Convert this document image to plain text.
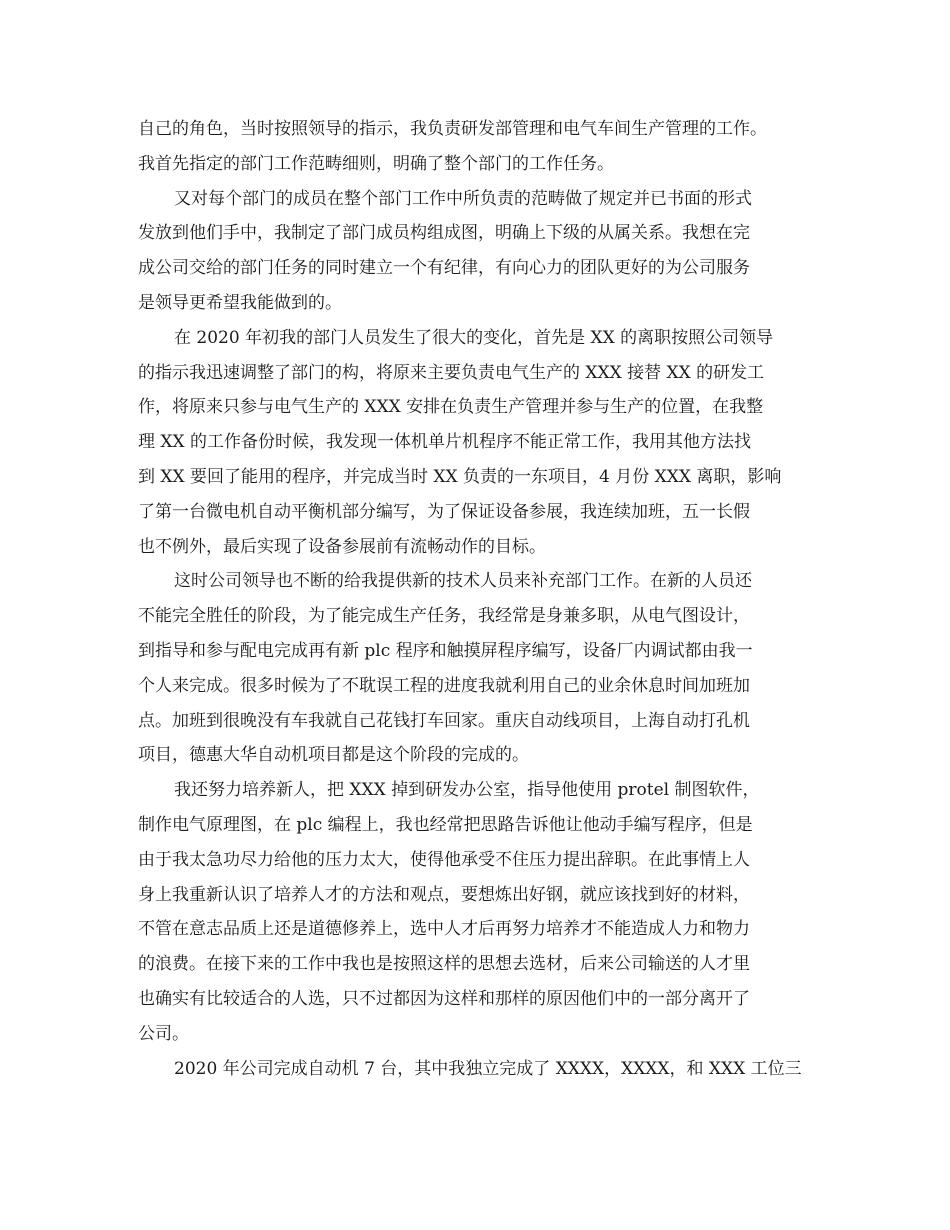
自己的角色，当时按照领导的指示，我负责研发部管理和电气车间生产管理的工作。
我首先指定的部门工作范畴细则，明确了整个部门的工作任务。
又对每个部门的成员在整个部门工作中所负责的范畴做了规定并已书面的形式
发放到他们手中，我制定了部门成员构组成图，明确上下级的从属关系。我想在完
成公司交给的部门任务的同时建立一个有纪律，有向心力的团队更好的为公司服务
是领导更希望我能做到的。
在 2020 年初我的部门人员发生了很大的变化，首先是 XX 的离职按照公司领导
的指示我迅速调整了部门的构，将原来主要负责电气生产的 XXX 接替 XX 的研发工
作，将原来只参与电气生产的 XXX 安排在负责生产管理并参与生产的位置，在我整
理 XX 的工作备份时候，我发现一体机单片机程序不能正常工作，我用其他方法找
到 XX 要回了能用的程序，并完成当时 XX 负责的一东项目，4 月份 XXX 离职，影响
了第一台微电机自动平衡机部分编写，为了保证设备参展，我连续加班，五一长假
也不例外，最后实现了设备参展前有流畅动作的目标。
这时公司领导也不断的给我提供新的技术人员来补充部门工作。在新的人员还
不能完全胜任的阶段，为了能完成生产任务，我经常是身兼多职，从电气图设计，
到指导和参与配电完成再有新 plc 程序和触摸屏程序编写，设备厂内调试都由我一
个人来完成。很多时候为了不耽误工程的进度我就利用自己的业余休息时间加班加
点。加班到很晚没有车我就自己花钱打车回家。重庆自动线项目，上海自动打孔机
项目，德惠大华自动机项目都是这个阶段的完成的。
我还努力培养新人，把 XXX 掉到研发办公室，指导他使用 protel 制图软件，
制作电气原理图，在 plc 编程上，我也经常把思路告诉他让他动手编写程序，但是
由于我太急功尽力给他的压力太大，使得他承受不住压力提出辞职。在此事情上人
身上我重新认识了培养人才的方法和观点，要想炼出好钢，就应该找到好的材料，
不管在意志品质上还是道德修养上，选中人才后再努力培养才不能造成人力和物力
的浪费。在接下来的工作中我也是按照这样的思想去选材，后来公司输送的人才里
也确实有比较适合的人选，只不过都因为这样和那样的原因他们中的一部分离开了
公司。
2020 年公司完成自动机 7 台，其中我独立完成了 XXXX，XXXX，和 XXX 工位三
